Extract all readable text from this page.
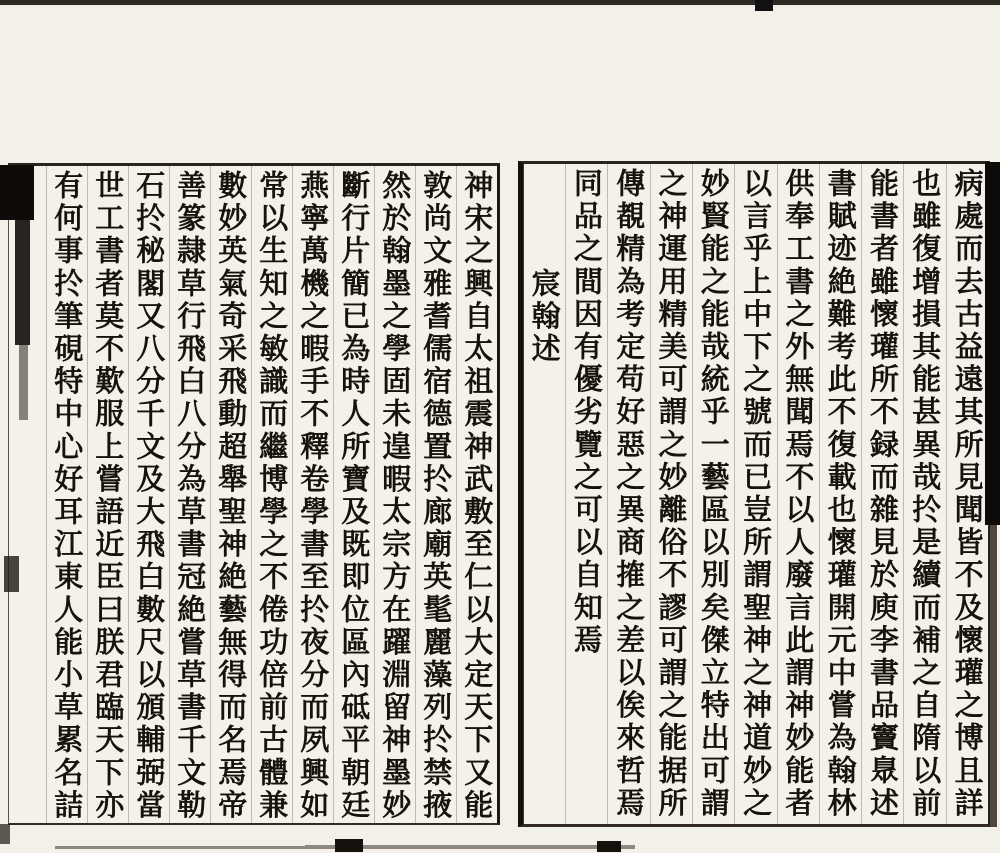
病處而去古益遠其所見聞皆不及懷瓘之博且詳
也雖復增損其能甚異哉扵是續而補之自隋以前
能書者雖懷瓘所不録而雜見於庾李書品竇臮述
書賦迹絶難考此不復載也懷瓘開元中嘗為翰林
供奉工書之外無聞焉不以人廢言此謂神妙能者
以言乎上中下之號而已豈所謂聖神之神道妙之
妙賢能之能哉統乎一藝區以別矣傑立特出可謂
之神運用精美可謂之妙離俗不謬可謂之能据所
傳覩精為考定苟好惡之異商搉之差以俟來哲焉
同品之間因有優劣覽之可以自知焉
宸翰述
神宋之興自太祖震神武敷至仁以大定天下又能
敦尚文雅耆儒宿德置扵廊廟英髦麗藻列扵禁掖
然於翰墨之學固未遑暇太宗方在躍淵留神墨妙
斷行片簡已為時人所寶及既即位區內砥平朝廷
燕寧萬機之暇手不釋卷學書至扵夜分而夙興如
常以生知之敏識而繼博學之不倦功倍前古體兼
數妙英氣奇采飛動超舉聖神絶藝無得而名焉帝
善篆隷草行飛白八分為草書冠絶嘗草書千文勒
石扵秘閣又八分千文及大飛白數尺以頒輔弼當
世工書者莫不歎服上嘗語近臣曰朕君臨天下亦
有何事扵筆硯特中心好耳江東人能小草累名詰
